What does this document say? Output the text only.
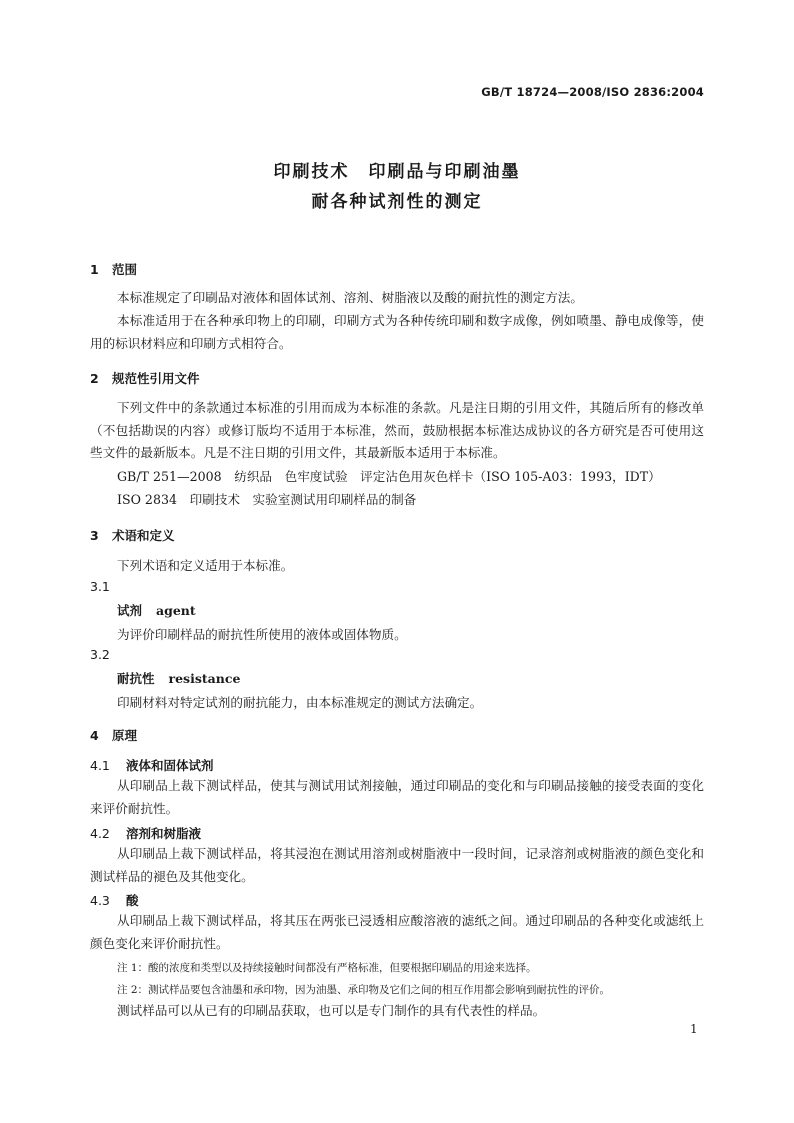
GB/T 18724—2008/ISO 2836:2004
印刷技术　印刷品与印刷油墨
耐各种试剂性的测定
1 范围

本标准规定了印刷品对液体和固体试剂、溶剂、树脂液以及酸的耐抗性的测定方法。

本标准适用于在各种承印物上的印刷，印刷方式为各种传统印刷和数字成像，例如喷墨、静电成像等，使用的标识材料应和印刷方式相符合。

2 规范性引用文件

下列文件中的条款通过本标准的引用而成为本标准的条款。凡是注日期的引用文件，其随后所有的修改单（不包括勘误的内容）或修订版均不适用于本标准，然而，鼓励根据本标准达成协议的各方研究是否可使用这些文件的最新版本。凡是不注日期的引用文件，其最新版本适用于本标准。

GB/T 251—2008　纺织品　色牢度试验　评定沾色用灰色样卡（ISO 105-A03：1993，IDT）
ISO 2834　印刷技术　实验室测试用印刷样品的制备
3 术语和定义
下列术语和定义适用于本标准。
3.1
试剂 agent
为评价印刷样品的耐抗性所使用的液体或固体物质。
3.2
耐抗性 resistance
印刷材料对特定试剂的耐抗能力，由本标准规定的测试方法确定。
4 原理
4.1 液体和固体试剂

从印刷品上裁下测试样品，使其与测试用试剂接触，通过印刷品的变化和与印刷品接触的接受表面的变化来评价耐抗性。

4.2 溶剂和树脂液

从印刷品上裁下测试样品，将其浸泡在测试用溶剂或树脂液中一段时间，记录溶剂或树脂液的颜色变化和测试样品的褪色及其他变化。

4.3 酸

从印刷品上裁下测试样品，将其压在两张已浸透相应酸溶液的滤纸之间。通过印刷品的各种变化或滤纸上颜色变化来评价耐抗性。

注 1：酸的浓度和类型以及持续接触时间都没有严格标准，但要根据印刷品的用途来选择。
注 2：测试样品要包含油墨和承印物，因为油墨、承印物及它们之间的相互作用都会影响到耐抗性的评价。
测试样品可以从已有的印刷品获取，也可以是专门制作的具有代表性的样品。
1
